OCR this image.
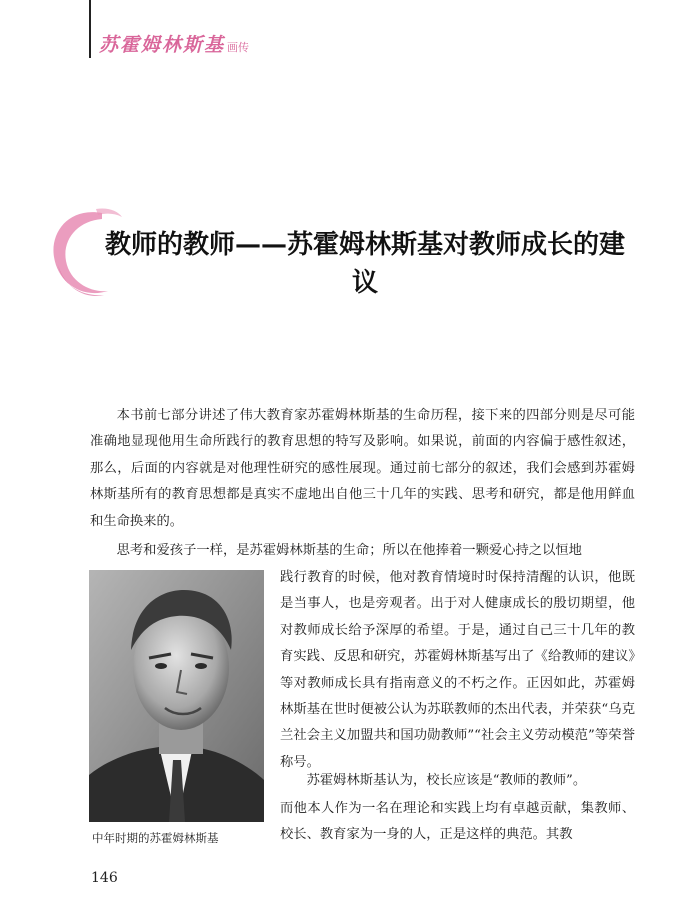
苏霍姆林斯基 画传
教师的教师——苏霍姆林斯基对教师成长的建议

本书前七部分讲述了伟大教育家苏霍姆林斯基的生命历程，接下来的四部分则是尽可能准确地显现他用生命所践行的教育思想的特写及影响。如果说，前面的内容偏于感性叙述，那么，后面的内容就是对他理性研究的感性展现。通过前七部分的叙述，我们会感到苏霍姆林斯基所有的教育思想都是真实不虚地出自他三十几年的实践、思考和研究，都是他用鲜血和生命换来的。

思考和爱孩子一样，是苏霍姆林斯基的生命；所以在他捧着一颗爱心持之以恒地

践行教育的时候，他对教育情境时时保持清醒的认识，他既是当事人，也是旁观者。出于对人健康成长的殷切期望，他对教师成长给予深厚的希望。于是，通过自己三十几年的教育实践、反思和研究，苏霍姆林斯基写出了《给教师的建议》等对教师成长具有指南意义的不朽之作。正因如此，苏霍姆林斯基在世时便被公认为苏联教师的杰出代表，并荣获“乌克兰社会主义加盟共和国功勋教师”“社会主义劳动模范”等荣誉称号。

苏霍姆林斯基认为，校长应该是“教师的教师”。

而他本人作为一名在理论和实践上均有卓越贡献，集教师、校长、教育家为一身的人，正是这样的典范。其教

中年时期的苏霍姆林斯基
146
